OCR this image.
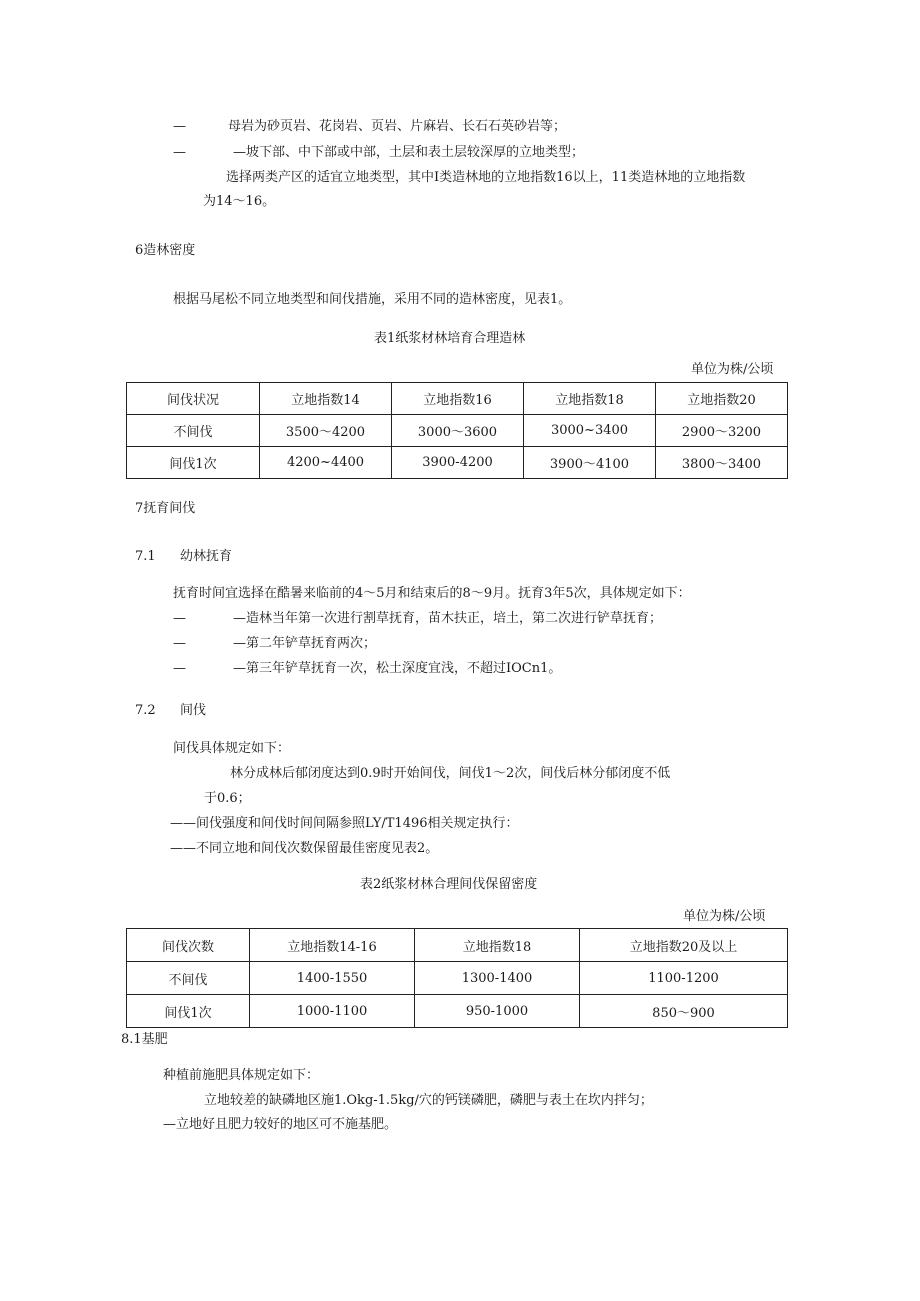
—	母岩为砂页岩、花岗岩、页岩、片麻岩、长石石英砂岩等；
—	—坡下部、中下部或中部，土层和表土层较深厚的立地类型；
选择两类产区的适宜立地类型，其中Ⅰ类造林地的立地指数16以上，11类造林地的立地指数
为14～16。
6造林密度
根据马尾松不同立地类型和间伐措施，采用不同的造林密度，见表1。
表1纸浆材林培育合理造林
单位为株/公顷
间伐状况	立地指数14	立地指数16	立地指数18	立地指数20
不间伐	3500～4200	3000～3600	3000~3400	2900～3200
间伐1次	4200~4400	3900-4200	3900～4100	3800～3400
7抚育间伐
7.1 幼林抚育
抚育时间宜选择在酷暑来临前的4～5月和结束后的8～9月。抚育3年5次，具体规定如下：
—	—造林当年第一次进行割草抚育，苗木扶正，培土，第二次进行铲草抚育；
—	—第二年铲草抚育两次；
—	—第三年铲草抚育一次，松土深度宜浅，不超过IOCn1。
7.2 间伐
间伐具体规定如下：
林分成林后郁闭度达到0.9时开始间伐，间伐1～2次，间伐后林分郁闭度不低
于0.6；
——间伐强度和间伐时间间隔参照LY/T1496相关规定执行：
——不同立地和间伐次数保留最佳密度见表2。
表2纸浆材林合理间伐保留密度
单位为株/公顷
间伐次数	立地指数14-16	立地指数18	立地指数20及以上
不间伐	1400-1550	1300-1400	1100-1200
间伐1次	1000-1100	950-1000	850～900
8.1基肥
种植前施肥具体规定如下：
立地较差的缺磷地区施1.Okg-1.5kg/穴的钙镁磷肥，磷肥与表土在坎内拌匀；
—立地好且肥力较好的地区可不施基肥。
